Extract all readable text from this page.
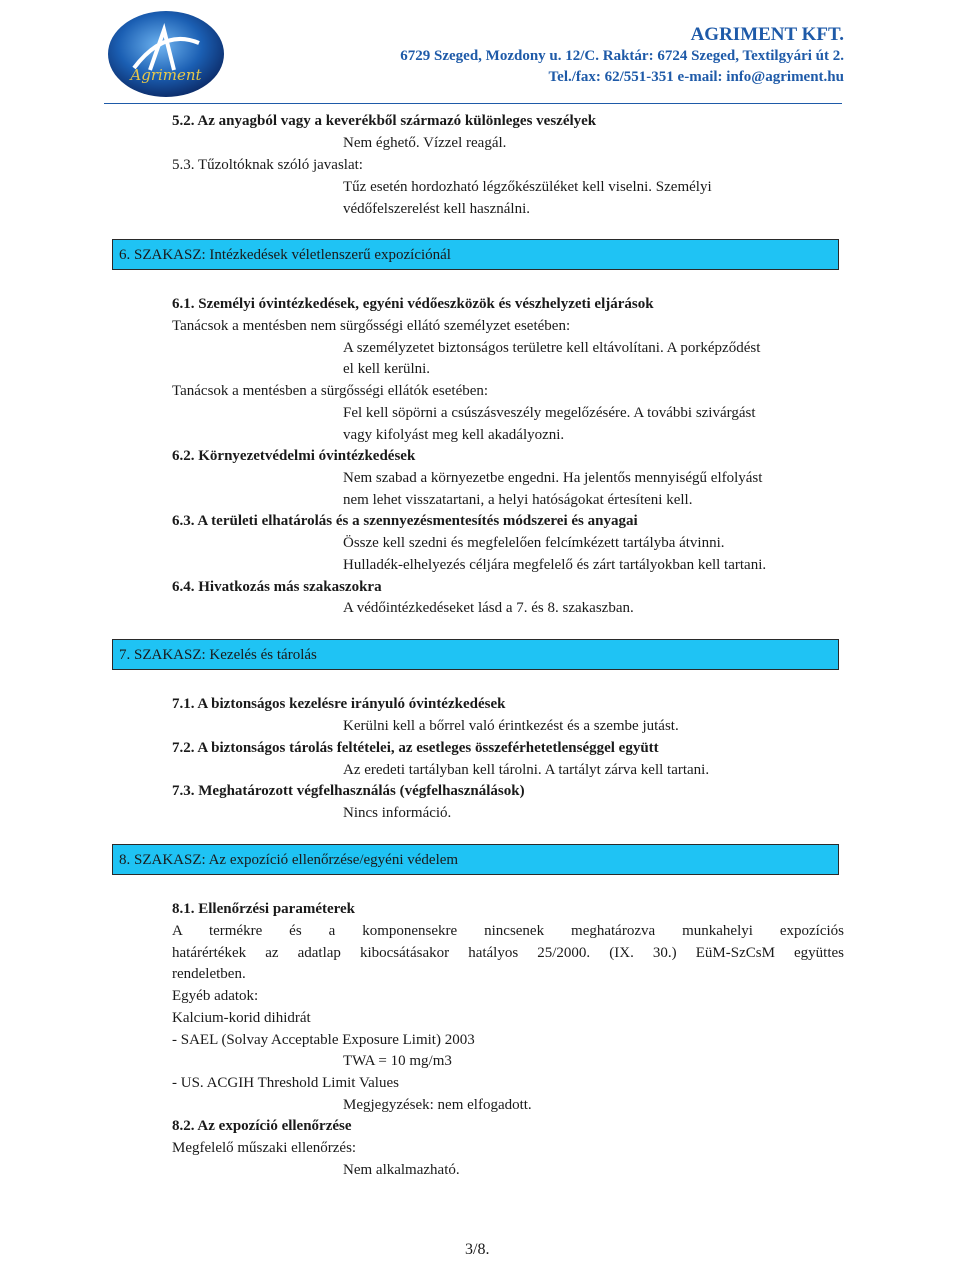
Agriment
AGRIMENT KFT.
6729 Szeged, Mozdony u. 12/C. Raktár: 6724 Szeged, Textilgyári út 2.
Tel./fax: 62/551-351 e-mail: info@agriment.hu
5.2. Az anyagból vagy a keverékből származó különleges veszélyek
Nem éghető. Vízzel reagál.
5.3. Tűzoltóknak szóló javaslat:
Tűz esetén hordozható légzőkészüléket kell viselni. Személyi
védőfelszerelést kell használni.
6. SZAKASZ: Intézkedések véletlenszerű expozíciónál
6.1. Személyi óvintézkedések, egyéni védőeszközök és vészhelyzeti eljárások
Tanácsok a mentésben nem sürgősségi ellátó személyzet esetében:
A személyzetet biztonságos területre kell eltávolítani. A porképződést
el kell kerülni.
Tanácsok a mentésben a sürgősségi ellátók esetében:
Fel kell söpörni a csúszásveszély megelőzésére. A további szivárgást
vagy kifolyást meg kell akadályozni.
6.2. Környezetvédelmi óvintézkedések
Nem szabad a környezetbe engedni. Ha jelentős mennyiségű elfolyást
nem lehet visszatartani, a helyi hatóságokat értesíteni kell.
6.3. A területi elhatárolás és a szennyezésmentesítés módszerei és anyagai
Össze kell szedni és megfelelően felcímkézett tartályba átvinni.
Hulladék-elhelyezés céljára megfelelő és zárt tartályokban kell tartani.
6.4. Hivatkozás más szakaszokra
A védőintézkedéseket lásd a 7. és 8. szakaszban.
7. SZAKASZ: Kezelés és tárolás
7.1. A biztonságos kezelésre irányuló óvintézkedések
Kerülni kell a bőrrel való érintkezést és a szembe jutást.
7.2. A biztonságos tárolás feltételei, az esetleges összeférhetetlenséggel együtt
Az eredeti tartályban kell tárolni. A tartályt zárva kell tartani.
7.3. Meghatározott végfelhasználás (végfelhasználások)
Nincs információ.
8. SZAKASZ: Az expozíció ellenőrzése/egyéni védelem
8.1. Ellenőrzési paraméterek
A termékre és a komponensekre nincsenek meghatározva munkahelyi expozíciós
határértékek az adatlap kibocsátásakor hatályos 25/2000. (IX. 30.) EüM-SzCsM együttes
rendeletben.
Egyéb adatok:
Kalcium-korid dihidrát
- SAEL (Solvay Acceptable Exposure Limit) 2003
TWA = 10 mg/m3
- US. ACGIH Threshold Limit Values
Megjegyzések: nem elfogadott.
8.2. Az expozíció ellenőrzése
Megfelelő műszaki ellenőrzés:
Nem alkalmazható.
3/8.
